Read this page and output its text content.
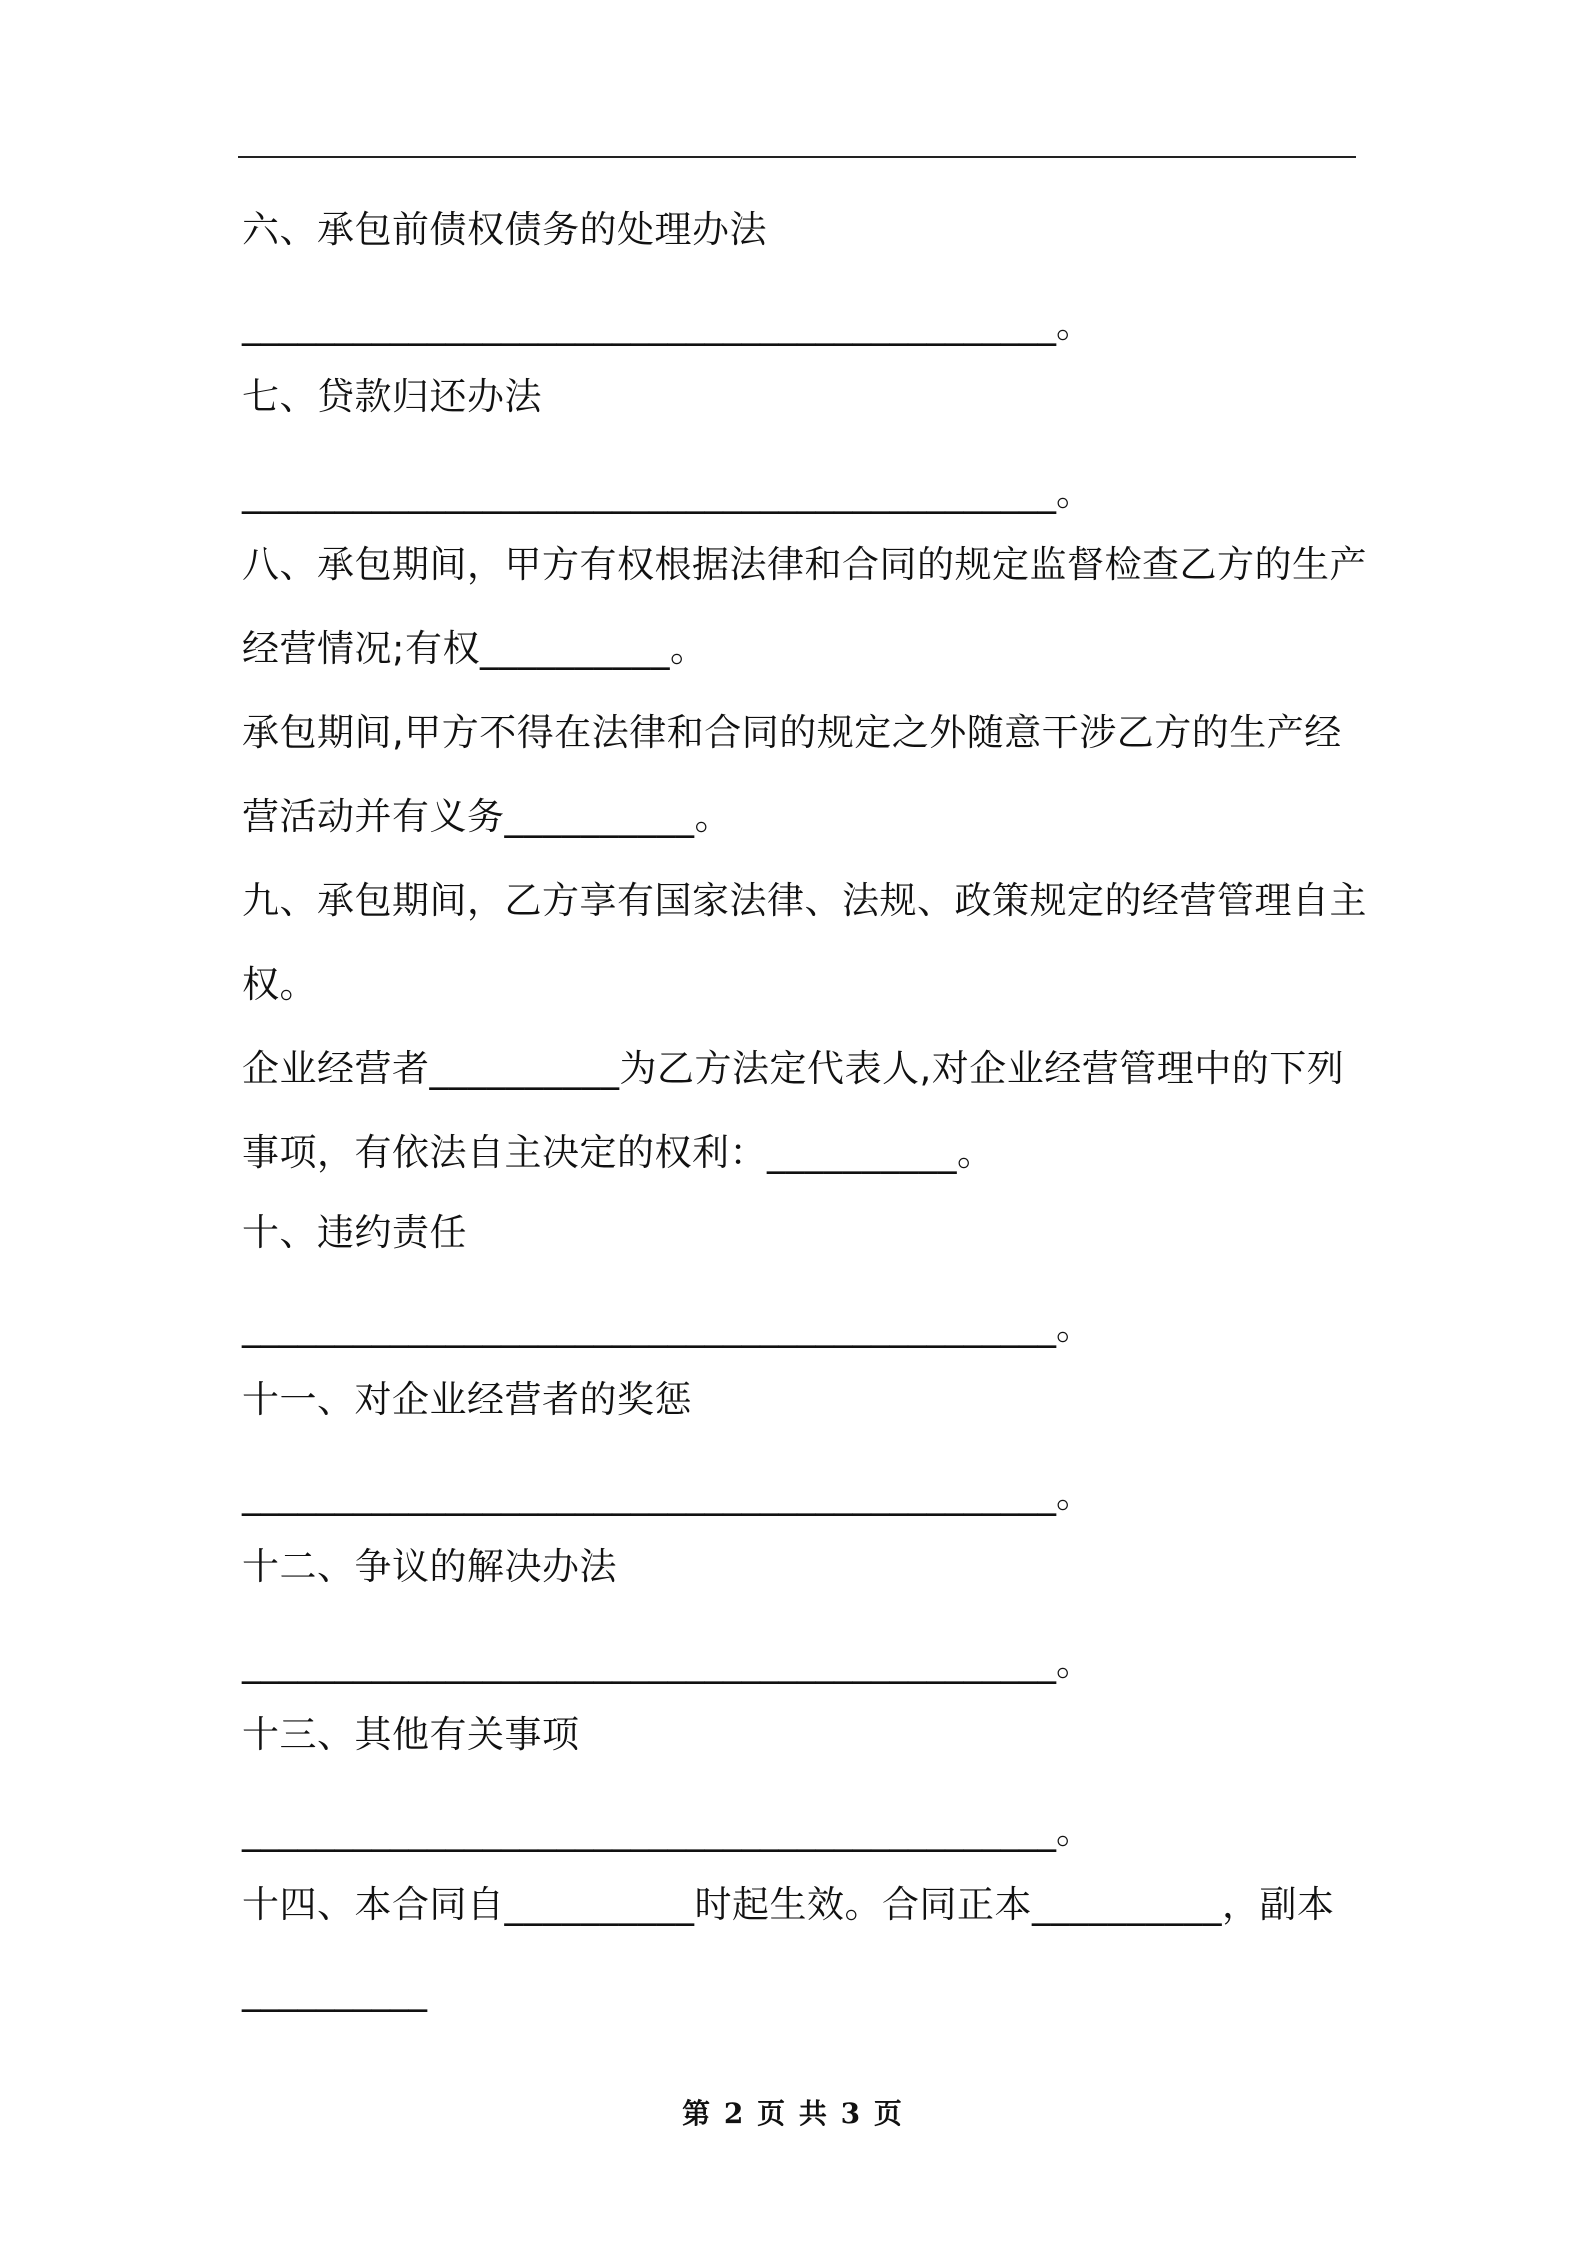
六、承包前债权债务的处理办法
____________________________________________。
七、贷款归还办法
____________________________________________。
八、承包期间，甲方有权根据法律和合同的规定监督检查乙方的生产
经营情况;有权__________。
承包期间,甲方不得在法律和合同的规定之外随意干涉乙方的生产经
营活动并有义务__________。
九、承包期间，乙方享有国家法律、法规、政策规定的经营管理自主
权。
企业经营者__________为乙方法定代表人,对企业经营管理中的下列
事项，有依法自主决定的权利：__________。
十、违约责任
____________________________________________。
十一、对企业经营者的奖惩
____________________________________________。
十二、争议的解决办法
____________________________________________。
十三、其他有关事项
____________________________________________。
十四、本合同自__________时起生效。合同正本__________，副本
__________
第 2 页 共 3 页
